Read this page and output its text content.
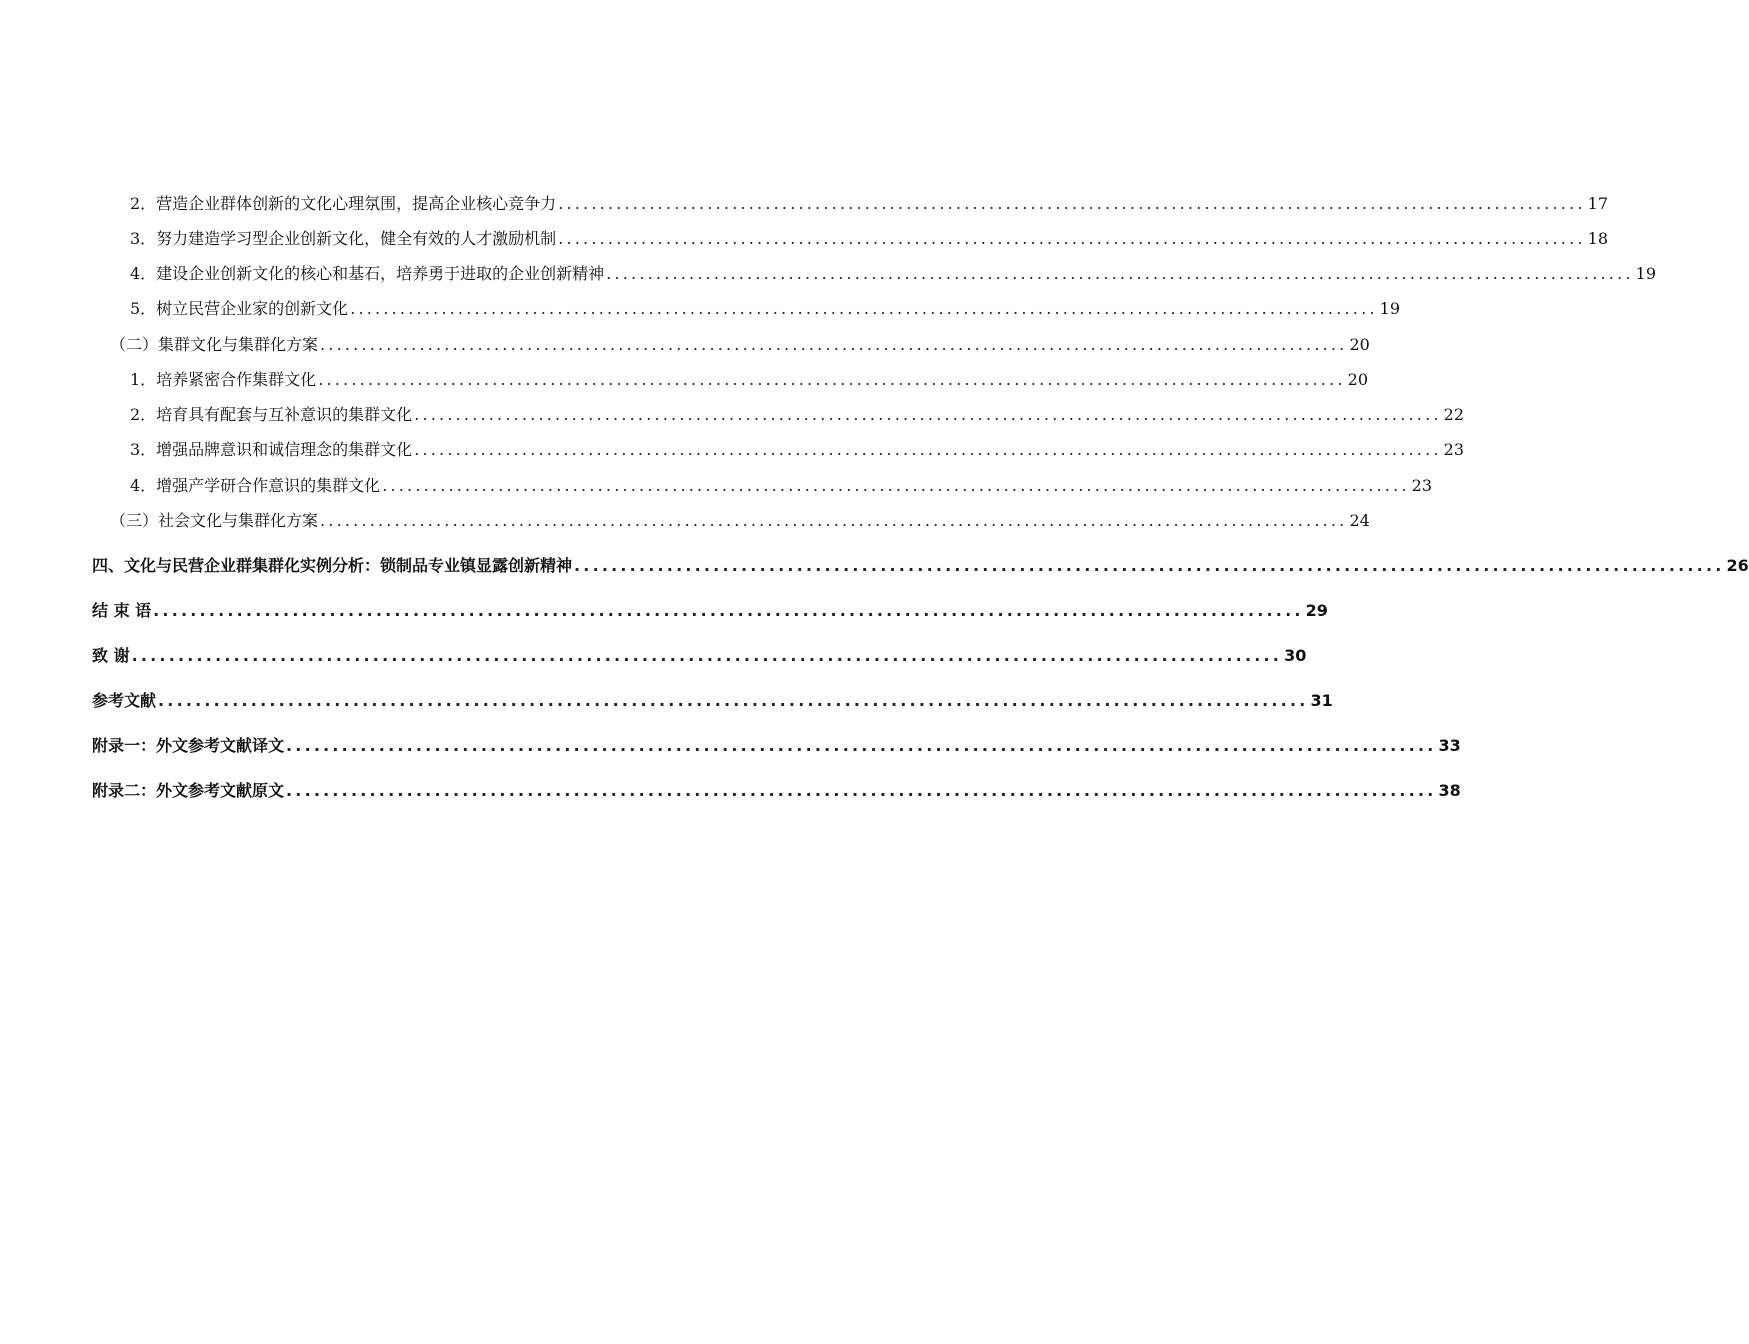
2．营造企业群体创新的文化心理氛围，提高企业核心竞争力 ............................................................................................................................ 17
3．努力建造学习型企业创新文化，健全有效的人才激励机制 ............................................................................................................................ 18
4．建设企业创新文化的核心和基石，培养勇于进取的企业创新精神 ............................................................................................................................ 19
5．树立民营企业家的创新文化 ............................................................................................................................ 19
（二）集群文化与集群化方案 ............................................................................................................................ 20
1．培养紧密合作集群文化 ............................................................................................................................ 20
2．培育具有配套与互补意识的集群文化 ............................................................................................................................ 22
3．增强品牌意识和诚信理念的集群文化 ............................................................................................................................ 23
4．增强产学研合作意识的集群文化 ............................................................................................................................ 23
（三）社会文化与集群化方案 ............................................................................................................................ 24
四、文化与民营企业群集群化实例分析：锁制品专业镇显露创新精神 ............................................................................................................................ 26
结 束 语 ............................................................................................................................ 29
致 谢 ............................................................................................................................ 30
参考文献 ............................................................................................................................ 31
附录一：外文参考文献译文 ............................................................................................................................ 33
附录二：外文参考文献原文 ............................................................................................................................ 38
